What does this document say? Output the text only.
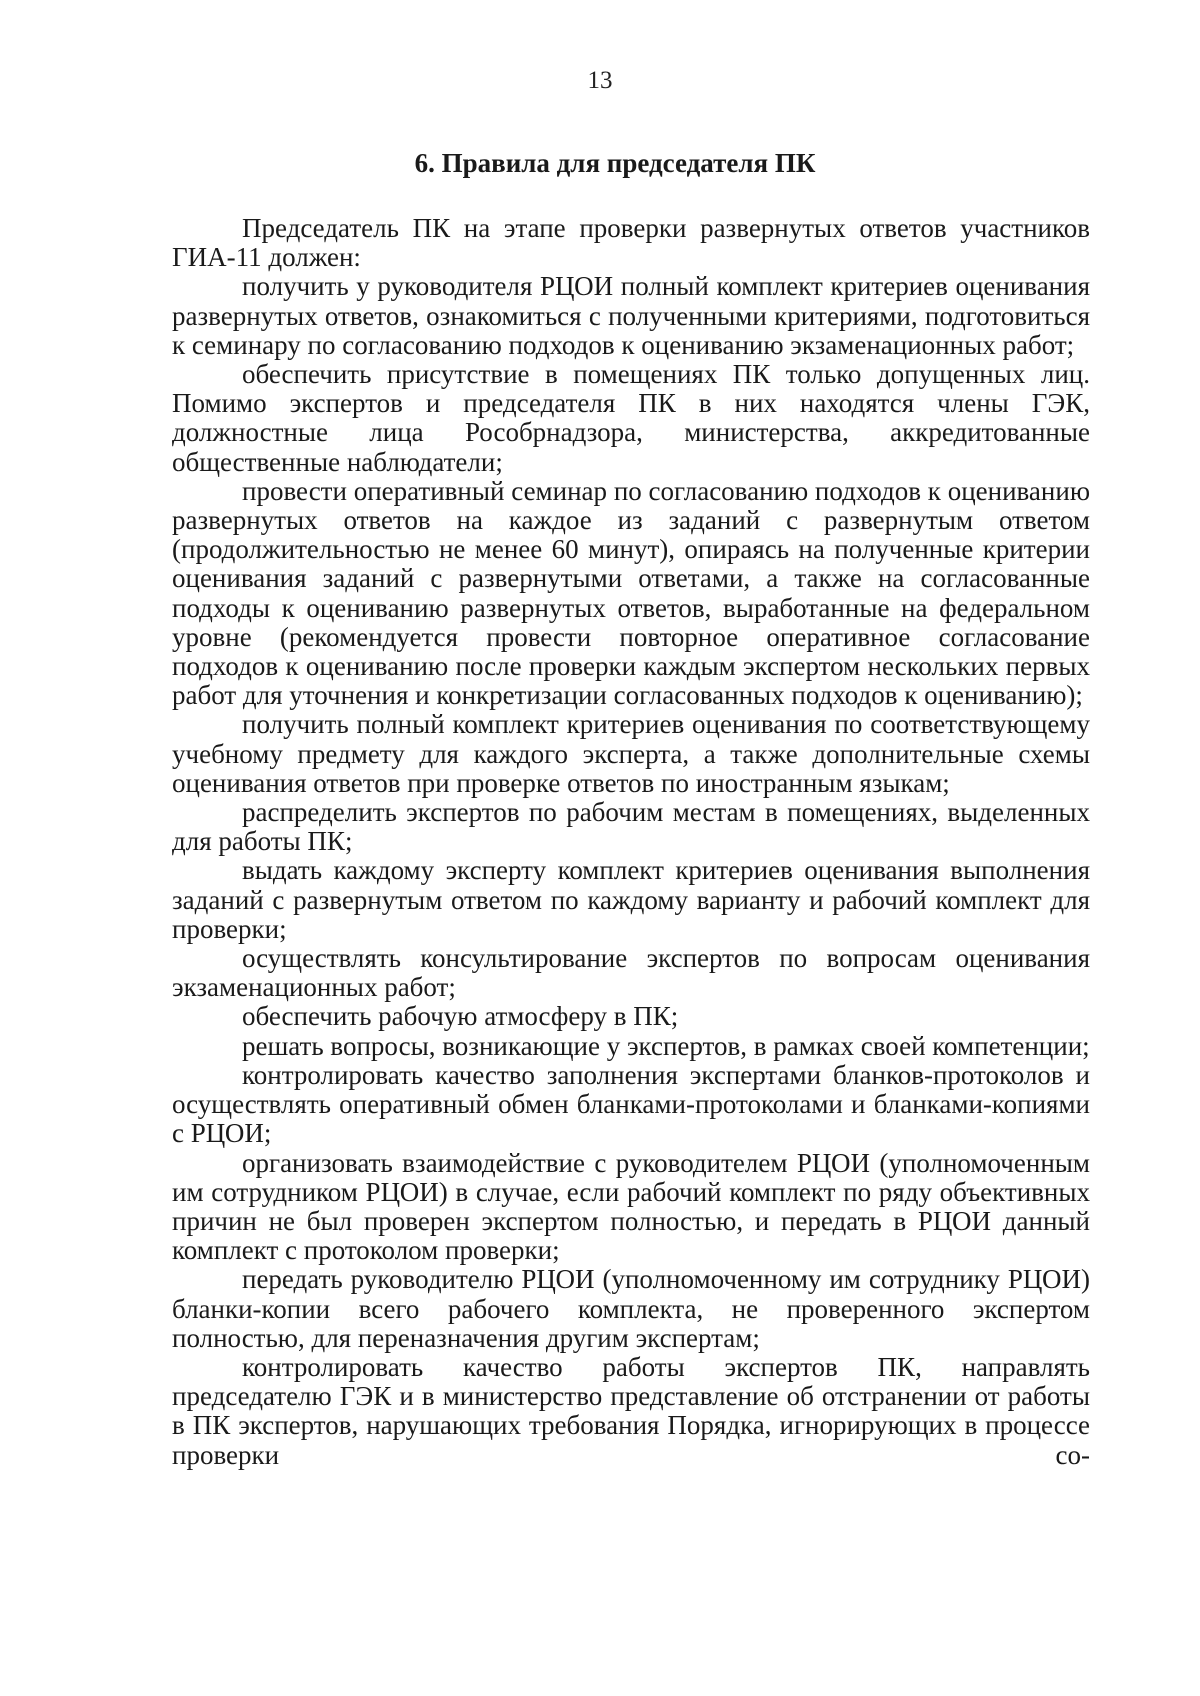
13
6. Правила для председателя ПК

Председатель ПК на этапе проверки развернутых ответов участников ГИА-11 должен:

получить у руководителя РЦОИ полный комплект критериев оценивания развернутых ответов, ознакомиться с полученными критериями, подготовиться к семинару по согласованию подходов к оцениванию экзаменационных работ;

обеспечить присутствие в помещениях ПК только допущенных лиц. Помимо экспертов и председателя ПК в них находятся члены ГЭК, должностные лица Рособрнадзора, министерства, аккредитованные общественные наблюдатели;

провести оперативный семинар по согласованию подходов к оцениванию развернутых ответов на каждое из заданий с развернутым ответом (продолжительностью не менее 60 минут), опираясь на полученные критерии оценивания заданий с развернутыми ответами, а также на согласованные подходы к оцениванию развернутых ответов, выработанные на федеральном уровне (рекомендуется провести повторное оперативное согласование подходов к оцениванию после проверки каждым экспертом нескольких первых работ для уточнения и конкретизации согласованных подходов к оцениванию);

получить полный комплект критериев оценивания по соответствующему учебному предмету для каждого эксперта, а также дополнительные схемы оценивания ответов при проверке ответов по иностранным языкам;

распределить экспертов по рабочим местам в помещениях, выделенных для работы ПК;

выдать каждому эксперту комплект критериев оценивания выполнения заданий с развернутым ответом по каждому варианту и рабочий комплект для проверки;

осуществлять консультирование экспертов по вопросам оценивания экзаменационных работ;

обеспечить рабочую атмосферу в ПК;

решать вопросы, возникающие у экспертов, в рамках своей компетенции;

контролировать качество заполнения экспертами бланков-протоколов и осуществлять оперативный обмен бланками-протоколами и бланками-копиями с РЦОИ;

организовать взаимодействие с руководителем РЦОИ (уполномоченным им сотрудником РЦОИ) в случае, если рабочий комплект по ряду объективных причин не был проверен экспертом полностью, и передать в РЦОИ данный комплект с протоколом проверки;

передать руководителю РЦОИ (уполномоченному им сотруднику РЦОИ) бланки-копии всего рабочего комплекта, не проверенного экспертом полностью, для переназначения другим экспертам;

контролировать качество работы экспертов ПК, направлять председателю ГЭК и в министерство представление об отстранении от работы в ПК экспертов, нарушающих требования Порядка, игнорирующих в процессе проверки со-
